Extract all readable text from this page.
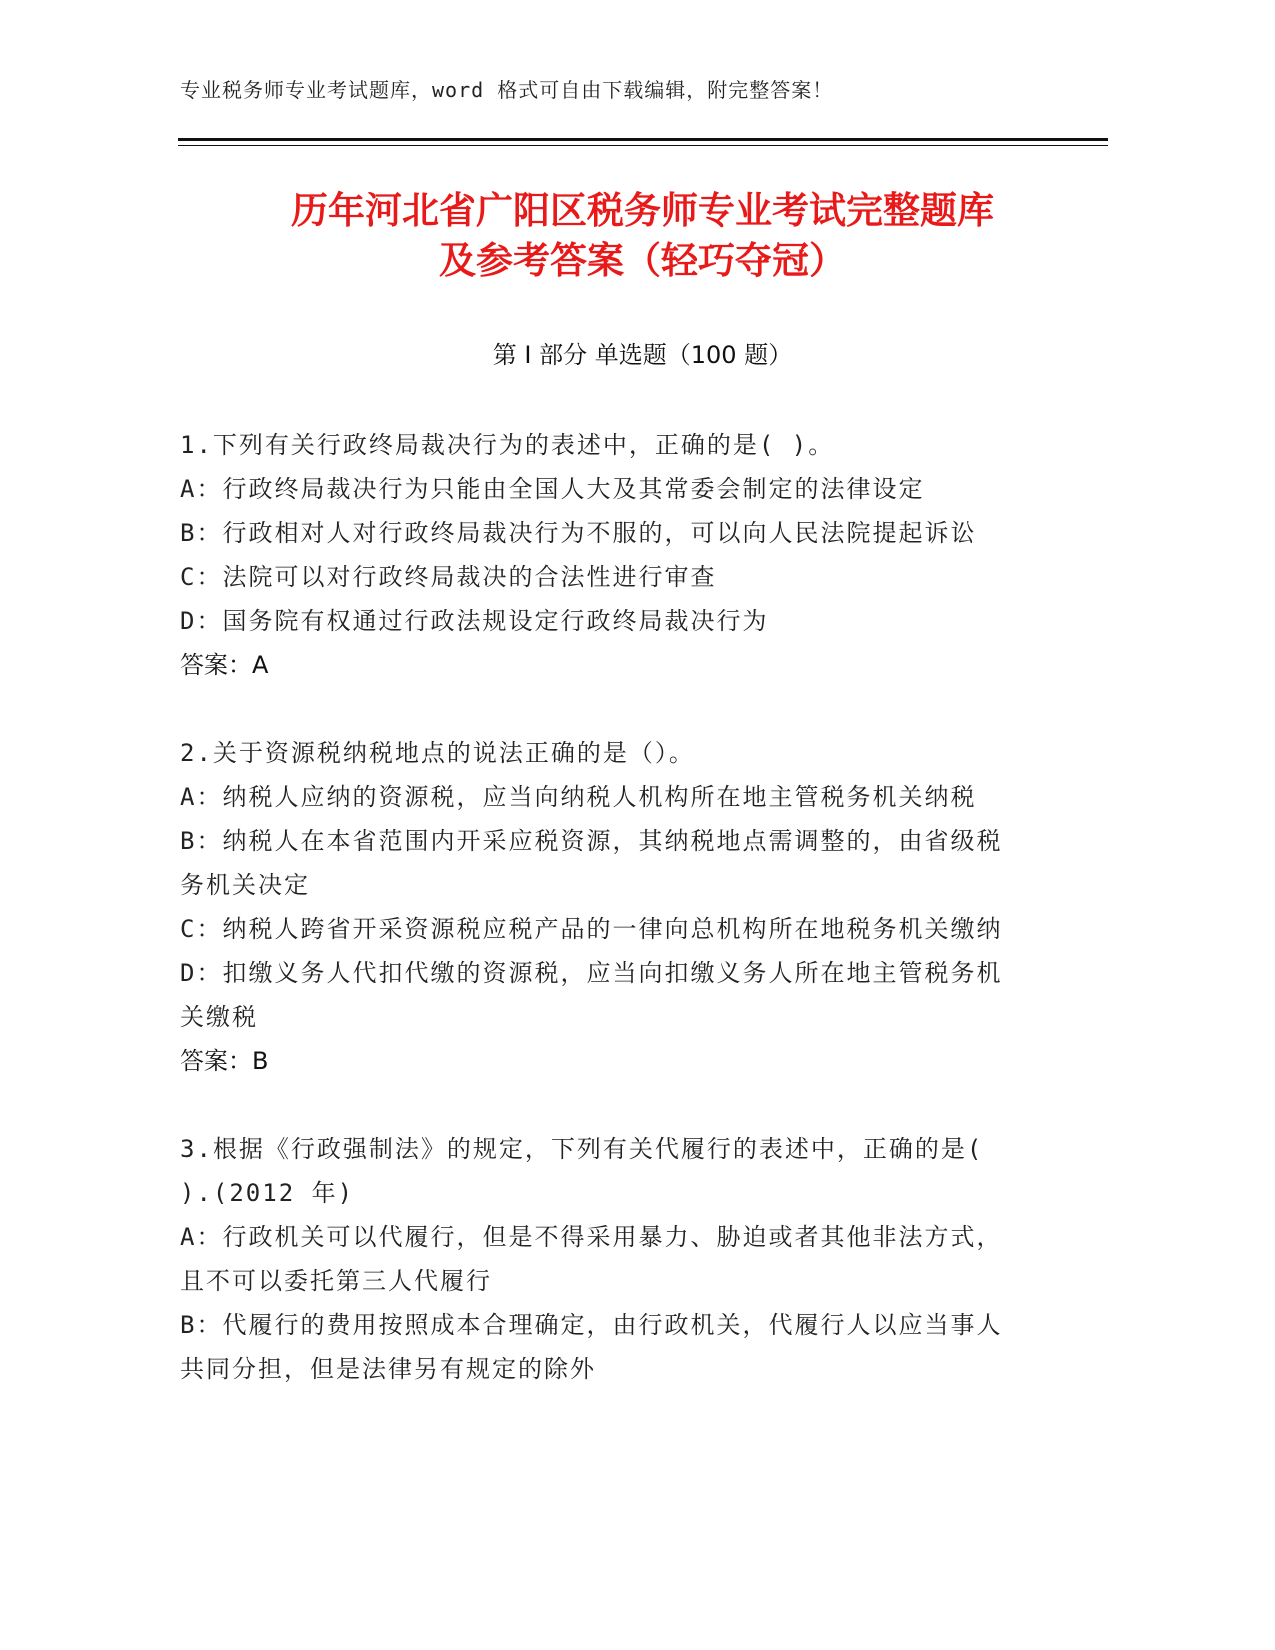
专业税务师专业考试题库，word 格式可自由下载编辑，附完整答案！
历年河北省广阳区税务师专业考试完整题库
及参考答案（轻巧夺冠）
第 I 部分 单选题（100 题）
1.下列有关行政终局裁决行为的表述中，正确的是( )。
A：行政终局裁决行为只能由全国人大及其常委会制定的法律设定
B：行政相对人对行政终局裁决行为不服的，可以向人民法院提起诉讼
C：法院可以对行政终局裁决的合法性进行审查
D：国务院有权通过行政法规设定行政终局裁决行为
答案：A
2.关于资源税纳税地点的说法正确的是（）。
A：纳税人应纳的资源税，应当向纳税人机构所在地主管税务机关纳税
B：纳税人在本省范围内开采应税资源，其纳税地点需调整的，由省级税务机关决定
C：纳税人跨省开采资源税应税产品的一律向总机构所在地税务机关缴纳
D：扣缴义务人代扣代缴的资源税，应当向扣缴义务人所在地主管税务机关缴税
答案：B
3.根据《行政强制法》的规定，下列有关代履行的表述中，正确的是( ).(2012 年)
A：行政机关可以代履行，但是不得采用暴力、胁迫或者其他非法方式，且不可以委托第三人代履行
B：代履行的费用按照成本合理确定，由行政机关，代履行人以应当事人共同分担，但是法律另有规定的除外
